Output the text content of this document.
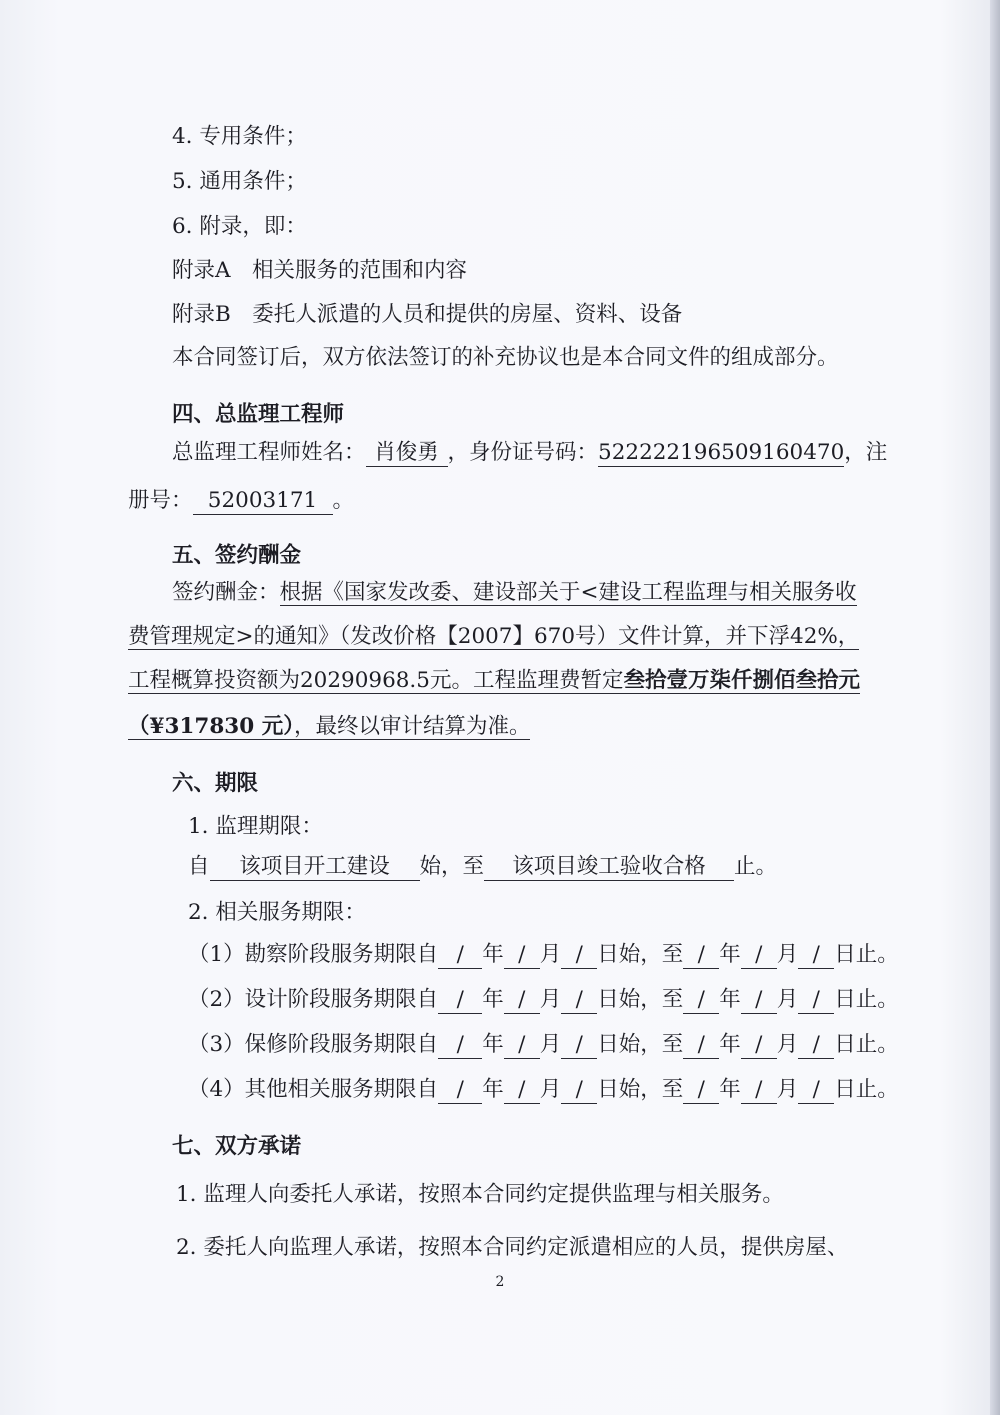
4. 专用条件；
5. 通用条件；
6. 附录，即：
附录A　相关服务的范围和内容
附录B　委托人派遣的人员和提供的房屋、资料、设备
本合同签订后，双方依法签订的补充协议也是本合同文件的组成部分。
四、总监理工程师
总监理工程师姓名： 肖俊勇 ，身份证号码：522222196509160470，注
册号： 52003171 。
五、签约酬金
签约酬金：根据《国家发改委、建设部关于<建设工程监理与相关服务收
费管理规定>的通知》（发改价格【2007】670号）文件计算，并下浮42%，
工程概算投资额为20290968.5元。工程监理费暂定叁拾壹万柒仟捌佰叁拾元
（¥317830 元），最终以审计结算为准。
六、期限
1. 监理期限：
自 该项目开工建设 始，至 该项目竣工验收合格 止。
2. 相关服务期限：
（1）勘察阶段服务期限自 / 年 / 月 / 日始，至 / 年 / 月 / 日止。
（2）设计阶段服务期限自 / 年 / 月 / 日始，至 / 年 / 月 / 日止。
（3）保修阶段服务期限自 / 年 / 月 / 日始，至 / 年 / 月 / 日止。
（4）其他相关服务期限自 / 年 / 月 / 日始，至 / 年 / 月 / 日止。
七、双方承诺
1. 监理人向委托人承诺，按照本合同约定提供监理与相关服务。
2. 委托人向监理人承诺，按照本合同约定派遣相应的人员，提供房屋、
2
